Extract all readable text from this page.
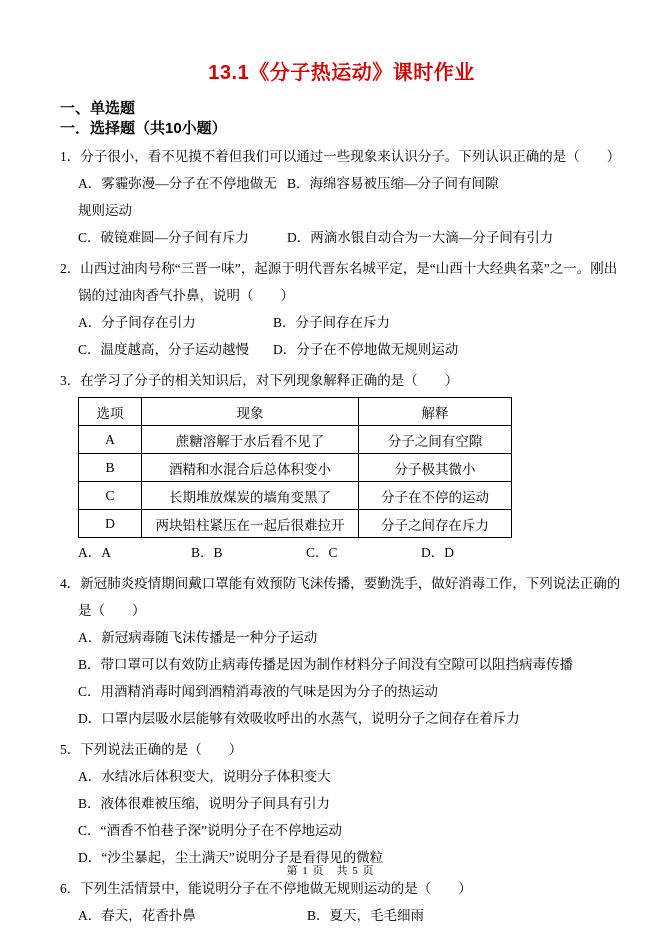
13.1《分子热运动》课时作业

一、单选题

一．选择题（共10小题）

1．分子很小，看不见摸不着但我们可以通过一些现象来认识分子。下列认识正确的是（　　）

A．雾霾弥漫—分子在不停地做无规则运动
B．海绵容易被压缩—分子间有间隙
C．破镜难圆—分子间有斥力	D．两滴水银自动合为一大滴—分子间有引力

2．山西过油肉号称“三晋一味”，起源于明代晋东名城平定，是“山西十大经典名菜”之一。刚出锅的过油肉香气扑鼻，说明（　　）

A．分子间存在引力	B．分子间存在斥力
C．温度越高，分子运动越慢	D．分子在不停地做无规则运动

3．在学习了分子的相关知识后，对下列现象解释正确的是（　　）

选项	现象	解释
A	蔗糖溶解于水后看不见了	分子之间有空隙
B	酒精和水混合后总体积变小	分子极其微小
C	长期堆放煤炭的墙角变黑了	分子在不停的运动
D	两块铅柱紧压在一起后很难拉开	分子之间存在斥力
A．A	B．B	C．C	D．D

4．新冠肺炎疫情期间戴口罩能有效预防飞沫传播，要勤洗手，做好消毒工作，下列说法正确的是（　　）

A．新冠病毒随飞沫传播是一种分子运动
B．带口罩可以有效防止病毒传播是因为制作材料分子间没有空隙可以阻挡病毒传播
C．用酒精消毒时闻到酒精消毒液的气味是因为分子的热运动
D．口罩内层吸水层能够有效吸收呼出的水蒸气，说明分子之间存在着斥力

5．下列说法正确的是（　　）

A．水结冰后体积变大，说明分子体积变大
B．液体很难被压缩，说明分子间具有引力
C．“酒香不怕巷子深”说明分子在不停地运动
D．“沙尘暴起，尘土满天”说明分子是看得见的微粒

6．下列生活情景中，能说明分子在不停地做无规则运动的是（　　）

A．春天，花香扑鼻	B．夏天，毛毛细雨
第 1 页　共 5 页
